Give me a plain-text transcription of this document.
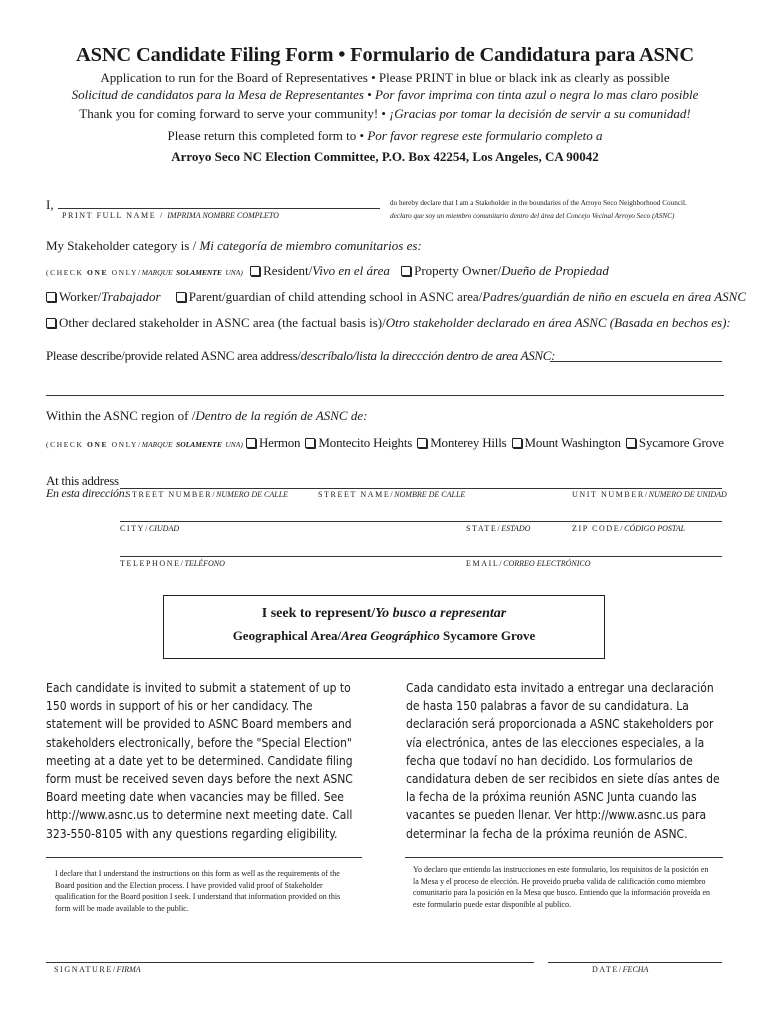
ASNC Candidate Filing Form • Formulario de Candidatura para ASNC
Application to run for the Board of Representatives • Please PRINT in blue or black ink as clearly as possible
Solicitud de candidatos para la Mesa de Representantes • Por favor imprima con tinta azul o negra lo mas claro posible
Thank you for coming forward to serve your community! • ¡Gracias por tomar la decisión de servir a su comunidad!
Please return this completed form to • Por favor regrese este formulario completo a
Arroyo Seco NC Election Committee, P.O. Box 42254, Los Angeles, CA 90042
I,
PRINT FULL NAME / IMPRIMA NOMBRE COMPLETO
do hereby declare that I am a Stakeholder in the boundaries of the Arroyo Seco Neighborhood Council.
declaro que soy un miembro comunitario dentro del área del Concejo Vecinal Arroyo Seco (ASNC)
My Stakeholder category is / Mi categoría de miembro comunitarios es:
(CHECK ONE ONLY/MARQUE SOLAMENTE UNA) Resident/Vivo en el área Property Owner/Dueño de Propiedad
Worker/Trabajador Parent/guardian of child attending school in ASNC area/Padres/guardián de niño en escuela en área ASNC
Other declared stakeholder in ASNC area (the factual basis is)/Otro stakeholder declarado en área ASNC (Basada en bechos es):
Please describe/provide related ASNC area address/descríbalo/lista la direccción dentro de area ASNC:
Within the ASNC region of /Dentro de la región de ASNC de:
(CHECK ONE ONLY/MARQUE SOLAMENTE UNA) Hermon Montecito Heights Monterey Hills Mount Washington Sycamore Grove
At this address
En esta dirección:
STREET NUMBER/NUMERO DE CALLE	STREET NAME/NOMBRE DE CALLE	UNIT NUMBER/NUMERO DE UNIDAD
CITY/CIUDAD	STATE/ESTADO	ZIP CODE/CÓDIGO POSTAL
TELEPHONE/TELÉFONO	EMAIL/CORREO ELECTRÓNICO
I seek to represent/Yo busco a representar
Geographical Area/Area Geográphico Sycamore Grove
Each candidate is invited to submit a statement of up to 150 words in support of his or her candidacy. The statement will be provided to ASNC Board members and stakeholders electronically, before the "Special Election" meeting at a date yet to be determined. Candidate filing form must be received seven days before the next ASNC Board meeting date when vacancies may be filled. See http://www.asnc.us to determine next meeting date. Call 323-550-8105 with any questions regarding eligibility.
Cada candidato esta invitado a entregar una declaración de hasta 150 palabras a favor de su candidatura. La declaración será proporcionada a ASNC stakeholders por vía electrónica, antes de las elecciones especiales, a la fecha que todaví no han decidido. Los formularios de candidatura deben de ser recibidos en siete días antes de la fecha de la próxima reunión ASNC Junta cuando las vacantes se pueden llenar. Ver http://www.asnc.us para determinar la fecha de la próxima reunión de ASNC.
I declare that I understand the instructions on this form as well as the requirements of the Board position and the Election process. I have provided valid proof of Stakeholder qualification for the Board position I seek. I understand that information provided on this form will be made available to the public.
Yo declaro que entiendo las instrucciones en este formulario, los requisitos de la posición en la Mesa y el proceso de elección. He proveido prueba valida de calificación como miembro comunitario para la posición en la Mesa que busco. Entiendo que la información proveída en este formulario puede estar disponible al publico.
SIGNATURE/FIRMA	DATE/FECHA
